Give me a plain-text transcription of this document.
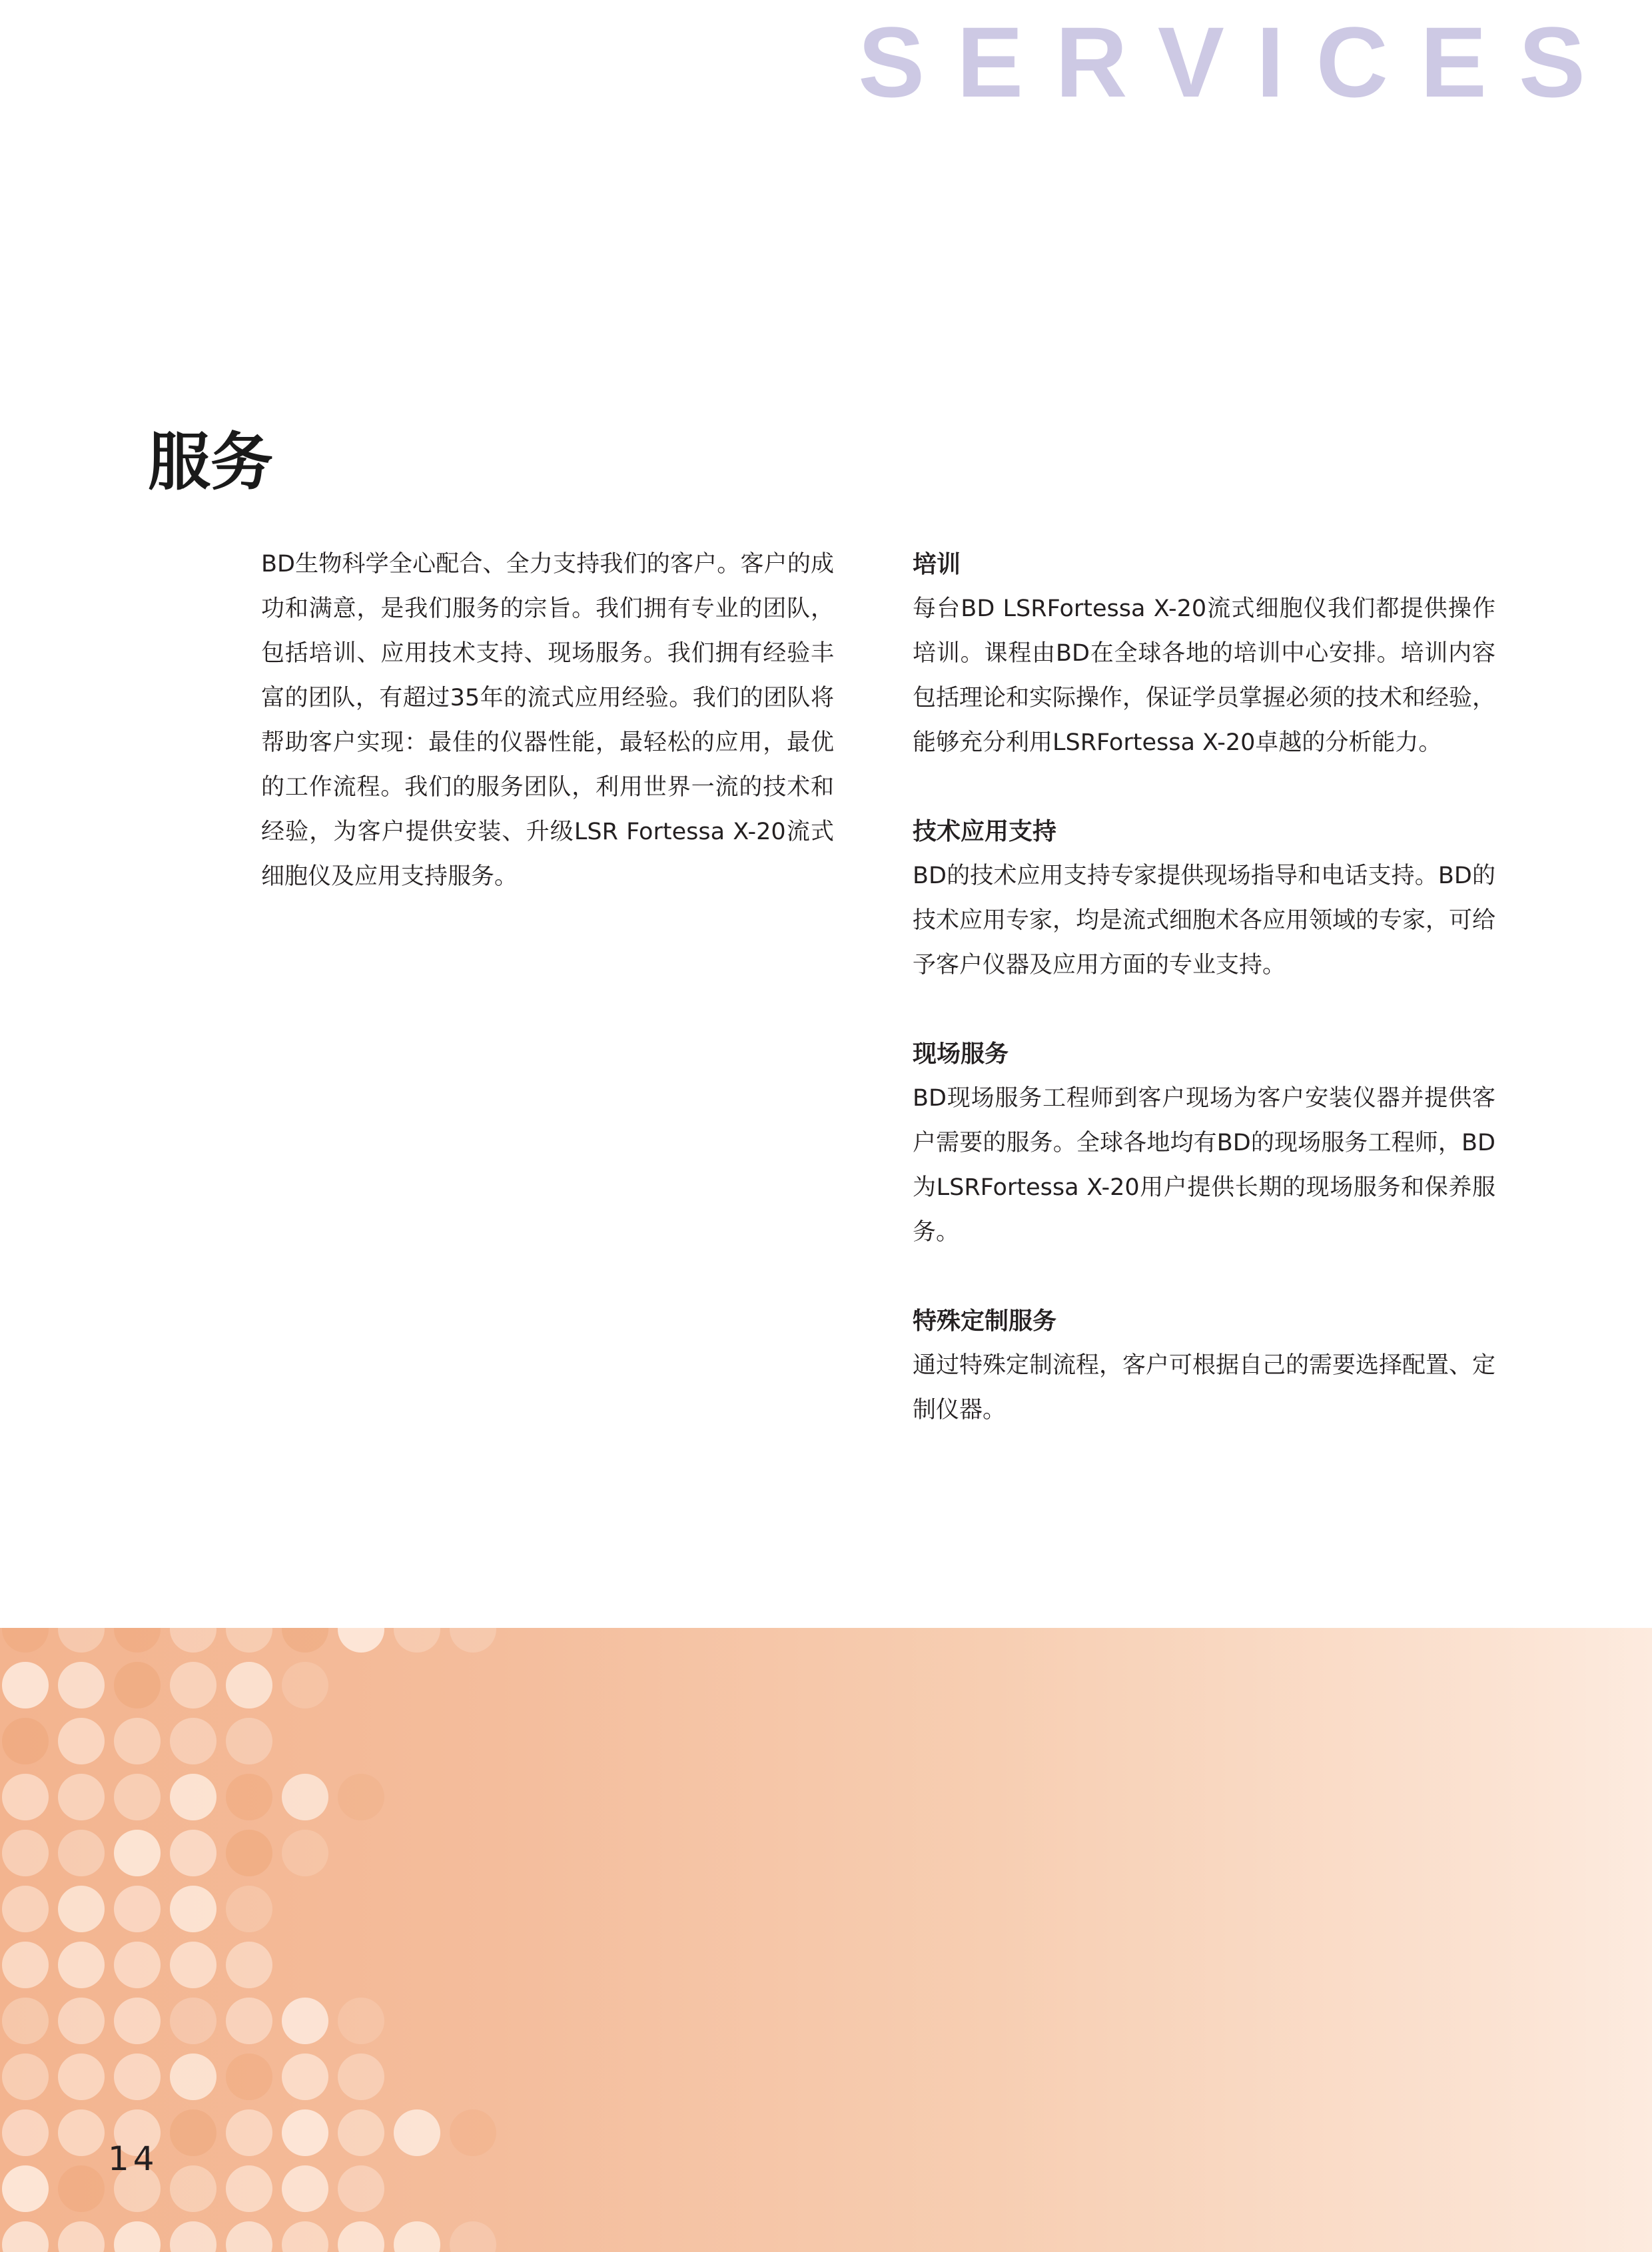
SERVICES
服务

BD生物科学全心配合、全力支持我们的客户。客户的成功和满意，是我们服务的宗旨。我们拥有专业的团队，包括培训、应用技术支持、现场服务。我们拥有经验丰富的团队，有超过35年的流式应用经验。我们的团队将帮助客户实现：最佳的仪器性能，最轻松的应用，最优的工作流程。我们的服务团队，利用世界一流的技术和经验，为客户提供安装、升级LSR Fortessa X-20流式细胞仪及应用支持服务。

培训

每台BD LSRFortessa X-20流式细胞仪我们都提供操作培训。课程由BD在全球各地的培训中心安排。培训内容包括理论和实际操作，保证学员掌握必须的技术和经验，能够充分利用LSRFortessa X-20卓越的分析能力。

技术应用支持

BD的技术应用支持专家提供现场指导和电话支持。BD的技术应用专家，均是流式细胞术各应用领域的专家，可给予客户仪器及应用方面的专业支持。

现场服务

BD现场服务工程师到客户现场为客户安装仪器并提供客户需要的服务。全球各地均有BD的现场服务工程师，BD为LSRFortessa X-20用户提供长期的现场服务和保养服务。

特殊定制服务

通过特殊定制流程，客户可根据自己的需要选择配置、定制仪器。

14
